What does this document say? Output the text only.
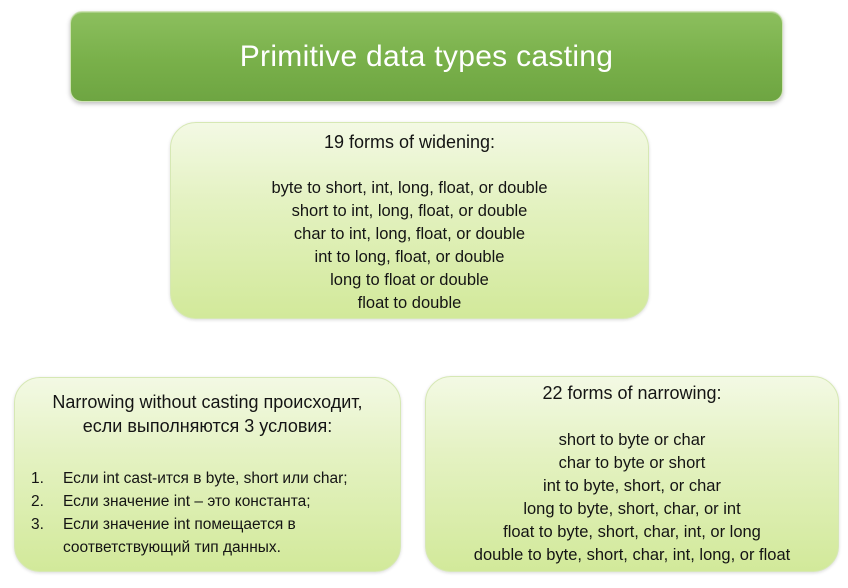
Primitive data types casting
19 forms of widening:
byte to short, int, long, float, or double
short to int, long, float, or double
char to int, long, float, or double
int to long, float, or double
long to float or double
float to double
Narrowing without casting происходит,
если выполняются 3 условия:
1. Если int cast-ится в byte, short или char;
2. Если значение int – это константа;
3. Если значение int помещается в соответствующий тип данных.
22 forms of narrowing:
short to byte or char
char to byte or short
int to byte, short, or char
long to byte, short, char, or int
float to byte, short, char, int, or long
double to byte, short, char, int, long, or float
